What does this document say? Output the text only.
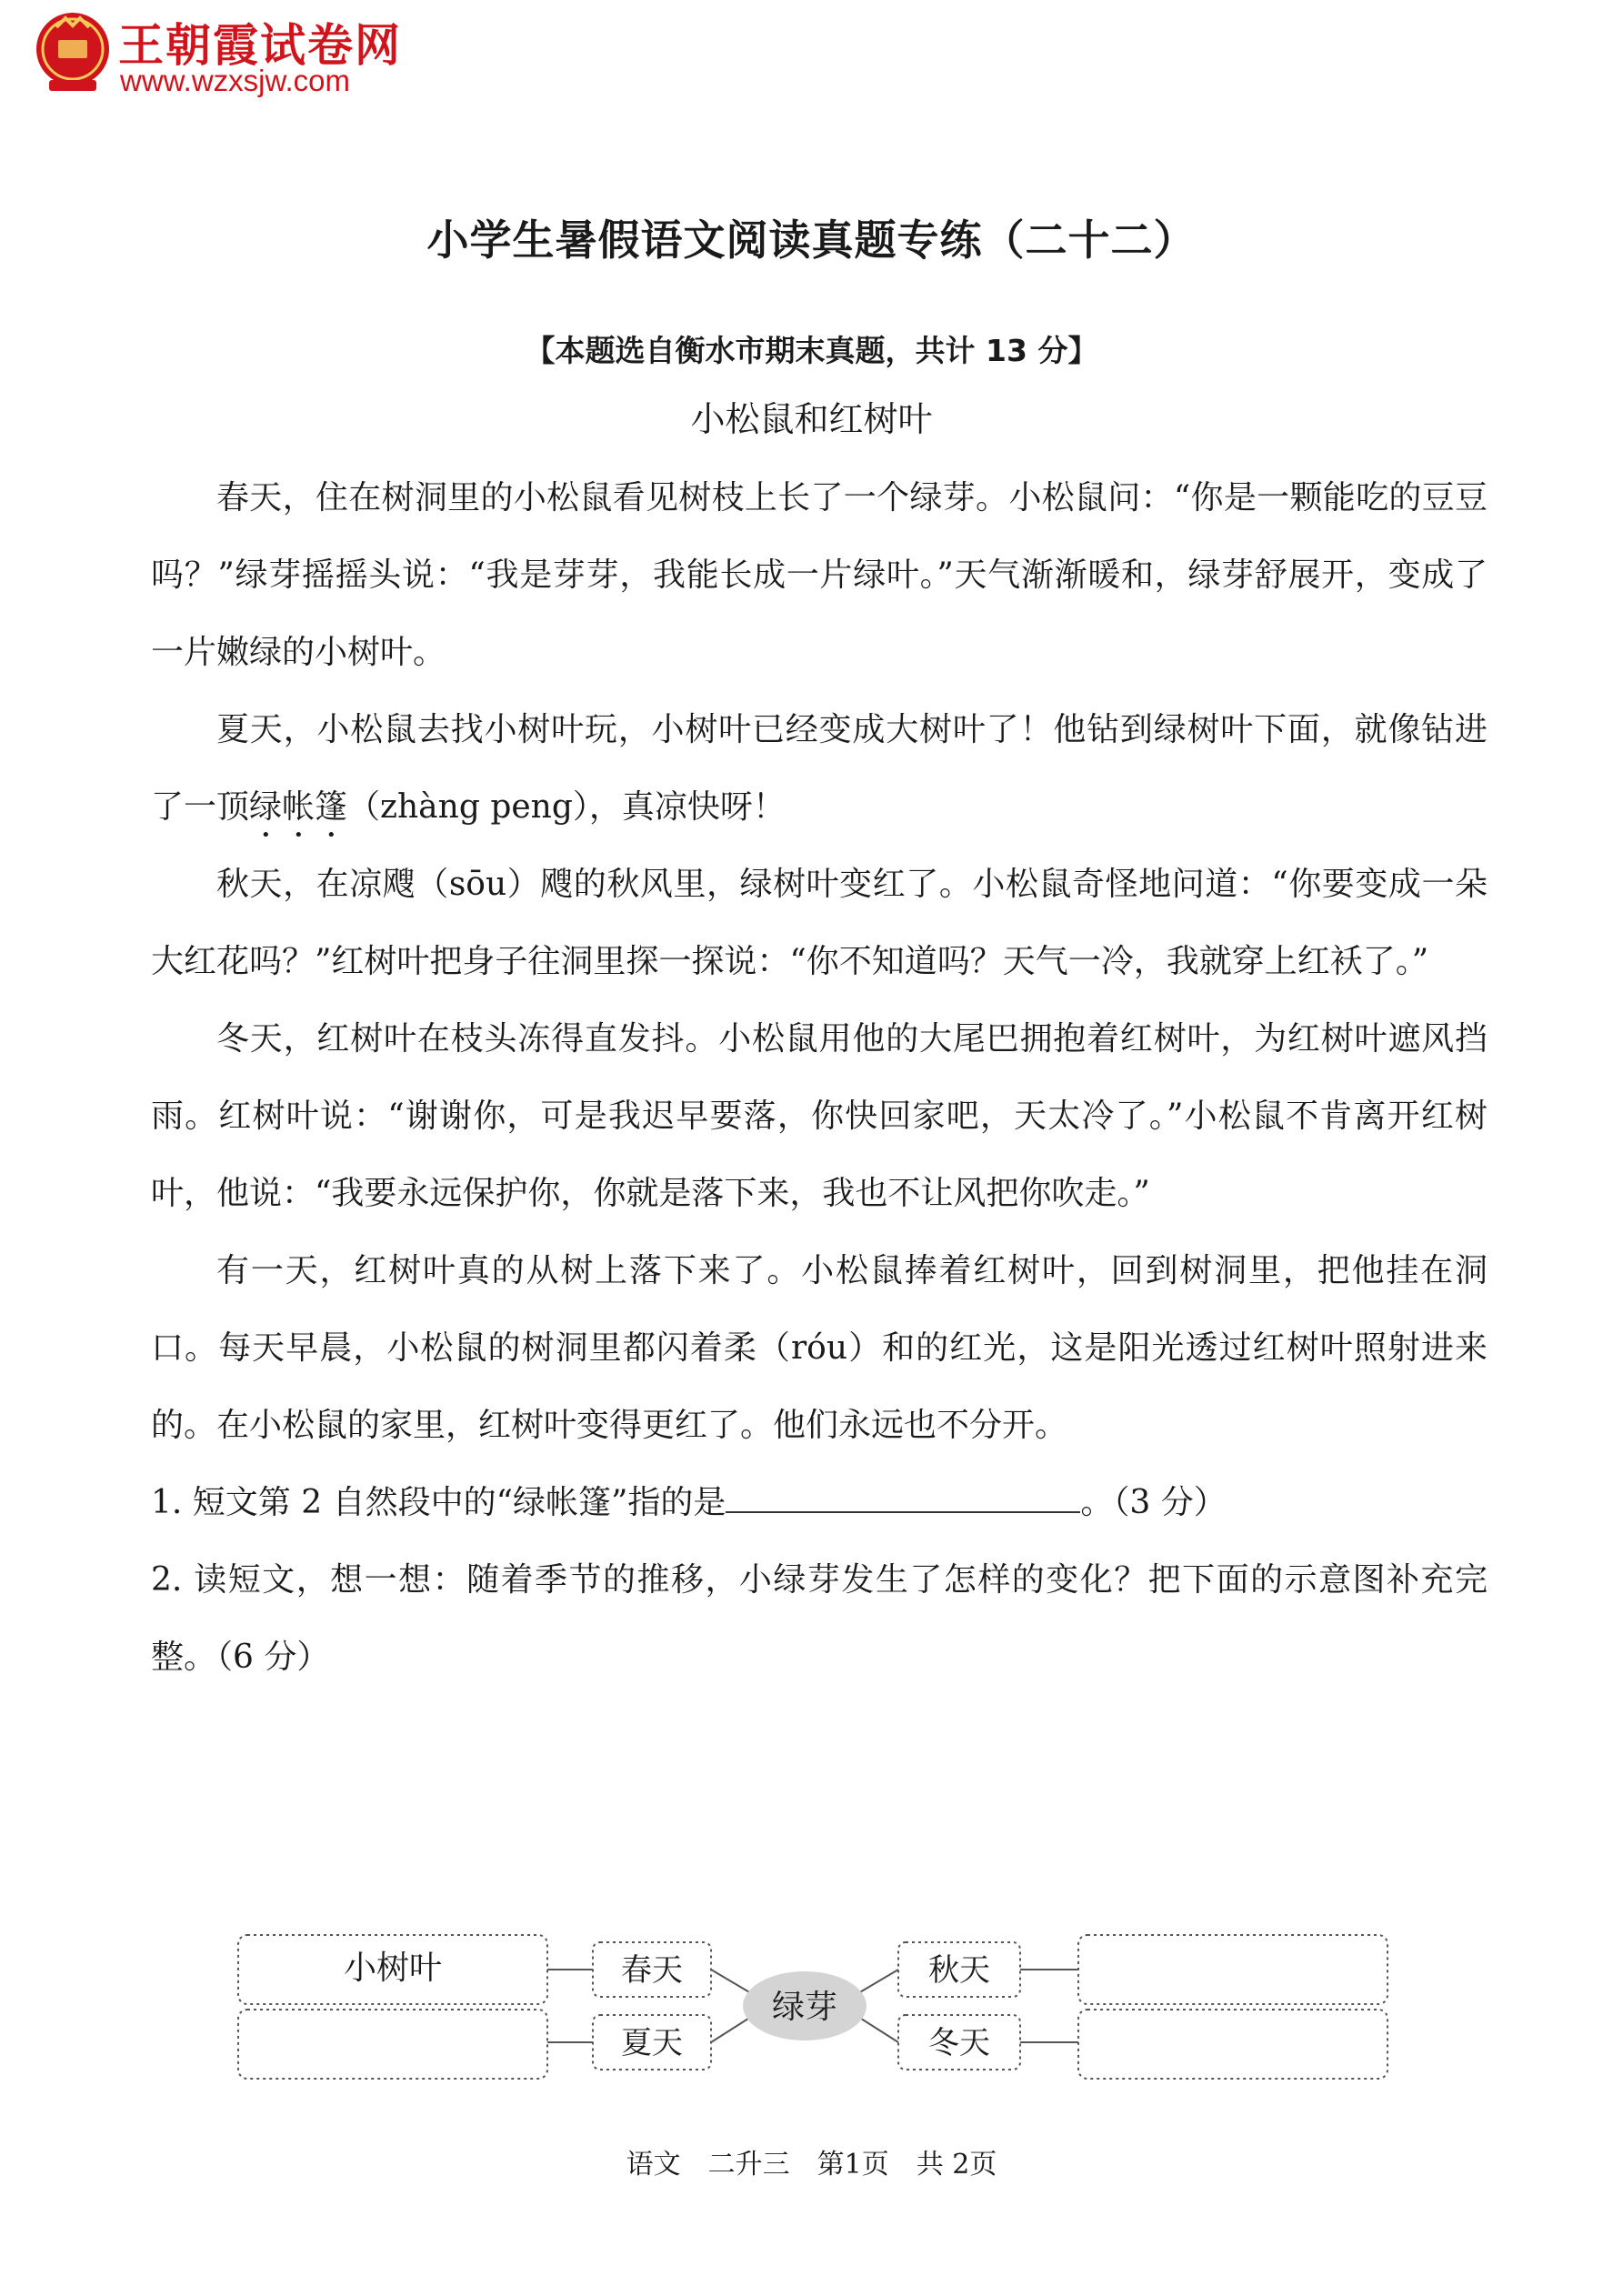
王朝霞试卷网
www.wzxsjw.com
小学生暑假语文阅读真题专练（二十二）
【本题选自衡水市期末真题，共计 13 分】
小松鼠和红树叶

春天，住在树洞里的小松鼠看见树枝上长了一个绿芽。小松鼠问：“你是一颗能吃的豆豆吗？”绿芽摇摇头说：“我是芽芽，我能长成一片绿叶。”天气渐渐暖和，绿芽舒展开，变成了一片嫩绿的小树叶。

夏天，小松鼠去找小树叶玩，小树叶已经变成大树叶了！他钻到绿树叶下面，就像钻进了一顶绿帐篷（zhàng peng），真凉快呀！

秋天，在凉飕（sōu）飕的秋风里，绿树叶变红了。小松鼠奇怪地问道：“你要变成一朵大红花吗？”红树叶把身子往洞里探一探说：“你不知道吗？天气一冷，我就穿上红袄了。”

冬天，红树叶在枝头冻得直发抖。小松鼠用他的大尾巴拥抱着红树叶，为红树叶遮风挡雨。红树叶说：“谢谢你，可是我迟早要落，你快回家吧，天太冷了。”小松鼠不肯离开红树叶，他说：“我要永远保护你，你就是落下来，我也不让风把你吹走。”

有一天，红树叶真的从树上落下来了。小松鼠捧着红树叶，回到树洞里，把他挂在洞口。每天早晨，小松鼠的树洞里都闪着柔（róu）和的红光，这是阳光透过红树叶照射进来的。在小松鼠的家里，红树叶变得更红了。他们永远也不分开。

1. 短文第 2 自然段中的“绿帐篷”指的是	。（3 分）

2. 读短文，想一想：随着季节的推移，小绿芽发生了怎样的变化？把下面的示意图补充完整。（6 分）

绿芽
小树叶	春天
夏天
秋天
冬天
语文　二升三　第1页　共 2页
